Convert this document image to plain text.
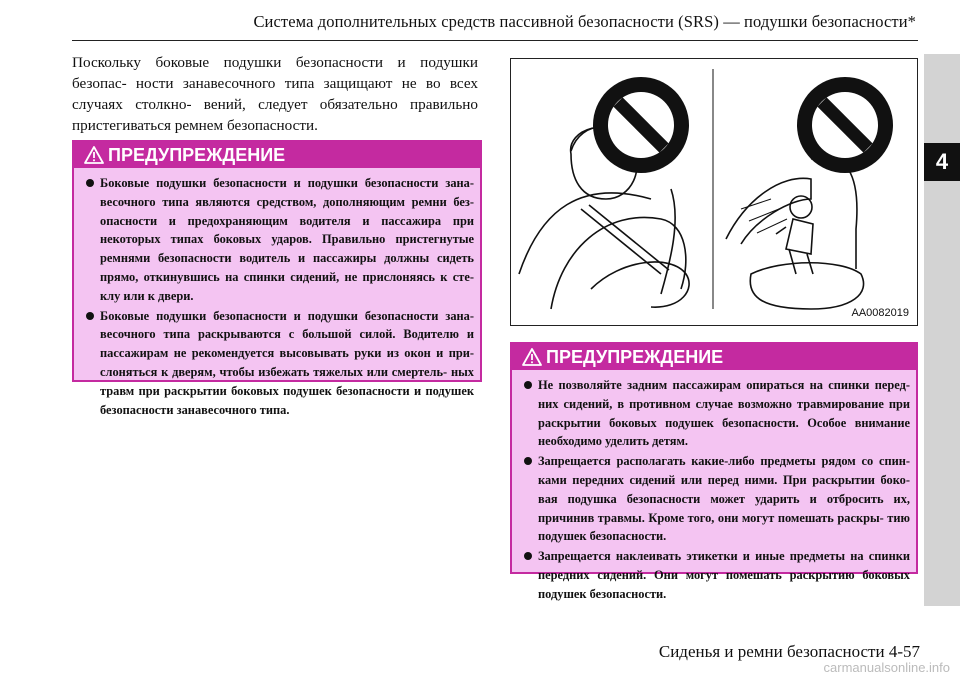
Система дополнительных средств пассивной безопасности (SRS) — подушки безопасности*
4

Поскольку боковые подушки безопасности и подушки безопас- ности занавесочного типа защищают не во всех случаях столкно- вений, следует обязательно правильно пристегиваться ремнем безопасности.

ПРЕДУПРЕЖДЕНИЕ
Боковые подушки безопасности и подушки безопасности зана- весочного типа являются средством, дополняющим ремни без- опасности и предохраняющим водителя и пассажира при некоторых типах боковых ударов. Правильно пристегнутые ремнями безопасности водитель и пассажиры должны сидеть прямо, откинувшись на спинки сидений, не прислоняясь к сте- клу или к двери.
Боковые подушки безопасности и подушки безопасности зана- весочного типа раскрываются с большой силой. Водителю и пассажирам не рекомендуется высовывать руки из окон и при- слоняться к дверям, чтобы избежать тяжелых или смертель- ных травм при раскрытии боковых подушек безопасности и подушек безопасности занавесочного типа.
AA0082019
ПРЕДУПРЕЖДЕНИЕ
Не позволяйте задним пассажирам опираться на спинки перед- них сидений, в противном случае возможно травмирование при раскрытии боковых подушек безопасности. Особое внимание необходимо уделить детям.
Запрещается располагать какие-либо предметы рядом со спин- ками передних сидений или перед ними. При раскрытии боко- вая подушка безопасности может ударить и отбросить их, причинив травмы. Кроме того, они могут помешать раскры- тию подушек безопасности.
Запрещается наклеивать этикетки и иные предметы на спинки передних сидений. Они могут помешать раскрытию боковых подушек безопасности.
Сиденья и ремни безопасности 4-57
carmanualsonline.info
